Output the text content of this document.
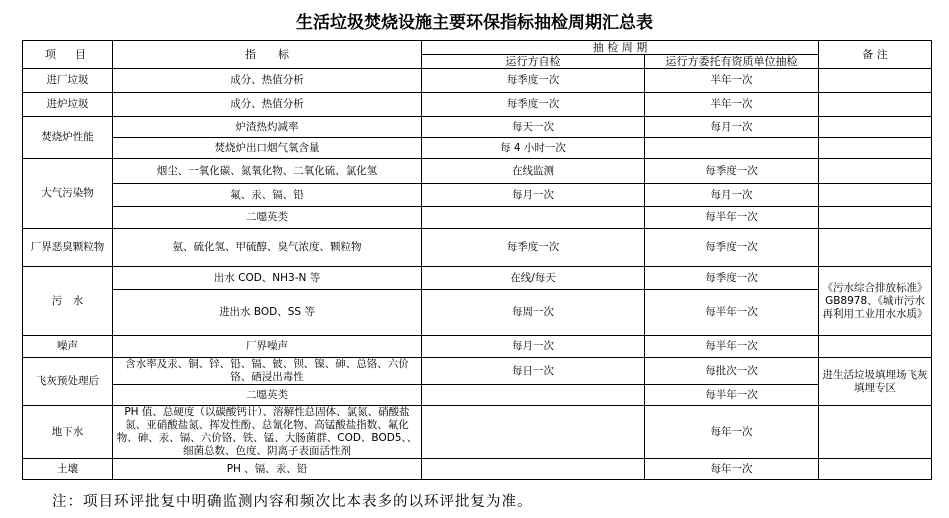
生活垃圾焚烧设施主要环保指标抽检周期汇总表
项　目	指　　标	抽 检 周 期		备 注
		运行方自检	运行方委托有资质单位抽检	
进厂垃圾	成分、热值分析	每季度一次	半年一次	
进炉垃圾	成分、热值分析	每季度一次	半年一次	
焚烧炉性能	炉渣热灼减率	每天一次	每月一次	
	焚烧炉出口烟气氧含量	每 4 小时一次		
大气污染物	烟尘、一氧化碳、氮氧化物、二氧化硫、氯化氢	在线监测	每季度一次	
	氟、汞、镉、铅	每月一次	每月一次	
	二噁英类		每半年一次	
厂界恶臭颗粒物	氨、硫化氢、甲硫醇、臭气浓度、颗粒物	每季度一次	每季度一次	
污　水	出水 COD、NH3-N 等	在线/每天	每季度一次	《污水综合排放标准》GB8978、《城市污水再利用工业用水水质》
	进出水 BOD、SS 等	每周一次	每半年一次	
噪声	厂界噪声	每月一次	每半年一次	
飞灰预处理后	含水率及汞、铜、锌、铅、镉、铍、钡、镍、砷、总铬、六价铬、硒浸出毒性	每日一次	每批次一次	进生活垃圾填埋场飞灰填埋专区
	二噁英类		每半年一次	
地下水	PH 值、总硬度（以碳酸钙计）、溶解性总固体、氯氮、硝酸盐氮、亚硝酸盐氮、挥发性酚、总氰化物、高锰酸盐指数、氟化物、砷、汞、镉、六价铬、铁、锰、大肠菌群、COD、BOD5、、细菌总数、色度、阴离子表面活性剂		每年一次	
土壤	PH 、镉、汞、铅		每年一次	
注：项目环评批复中明确监测内容和频次比本表多的以环评批复为准。
